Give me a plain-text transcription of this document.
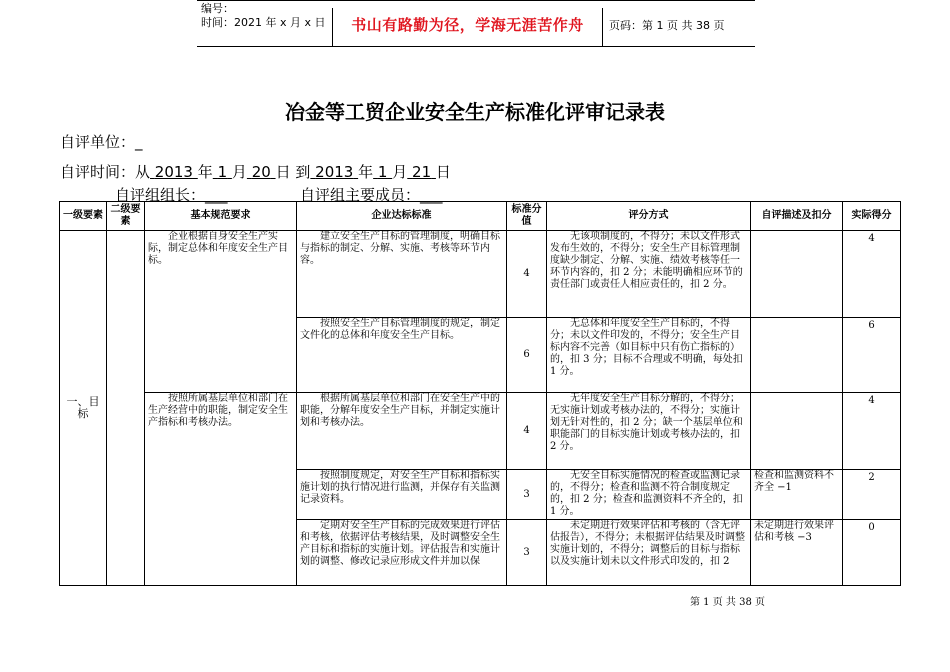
编号：
时间：2021 年 x 月 x 日	书山有路勤为径，学海无涯苦作舟	页码：第 1 页 共 38 页
冶金等工贸企业安全生产标准化评审记录表
自评单位：_
自评时间：从 2013 年 1 月 20 日 到 2013 年 1 月 21 日
自评组组长：___	自评组主要成员：___
一级要素	二级要素	基本规范要求	企业达标标准	标准分值	评分方式	自评描述及扣分	实际得分
一、目标		企业根据自身安全生产实际，制定总体和年度安全生产目标。	建立安全生产目标的管理制度，明确目标与指标的制定、分解、实施、考核等环节内容。	4	无该项制度的，不得分；未以文件形式发布生效的，不得分；安全生产目标管理制度缺少制定、分解、实施、绩效考核等任一环节内容的，扣 2 分；未能明确相应环节的责任部门或责任人相应责任的，扣 2 分。		4
			按照安全生产目标管理制度的规定，制定文件化的总体和年度安全生产目标。	6	无总体和年度安全生产目标的，不得分；未以文件印发的，不得分；安全生产目标内容不完善（如目标中只有伤亡指标的）的，扣 3 分；目标不合理或不明确，每处扣 1 分。		6
		按照所属基层单位和部门在生产经营中的职能，制定安全生产指标和考核办法。	根据所属基层单位和部门在安全生产中的职能，分解年度安全生产目标，并制定实施计划和考核办法。	4	无年度安全生产目标分解的，不得分；无实施计划或考核办法的，不得分；实施计划无针对性的，扣 2 分；缺一个基层单位和职能部门的目标实施计划或考核办法的，扣 2 分。		4
			按照制度规定，对安全生产目标和指标实施计划的执行情况进行监测，并保存有关监测记录资料。	3	无安全目标实施情况的检查或监测记录的，不得分；检查和监测不符合制度规定的，扣 2 分；检查和监测资料不齐全的，扣 1 分。	检查和监测资料不齐全 −1	2
			定期对安全生产目标的完成效果进行评估和考核，依据评估考核结果，及时调整安全生产目标和指标的实施计划。评估报告和实施计划的调整、修改记录应形成文件并加以保	3	未定期进行效果评估和考核的（含无评估报告），不得分；未根据评估结果及时调整实施计划的，不得分；调整后的目标与指标以及实施计划未以文件形式印发的，扣 2	未定期进行效果评估和考核 −3	0
第 1 页 共 38 页
